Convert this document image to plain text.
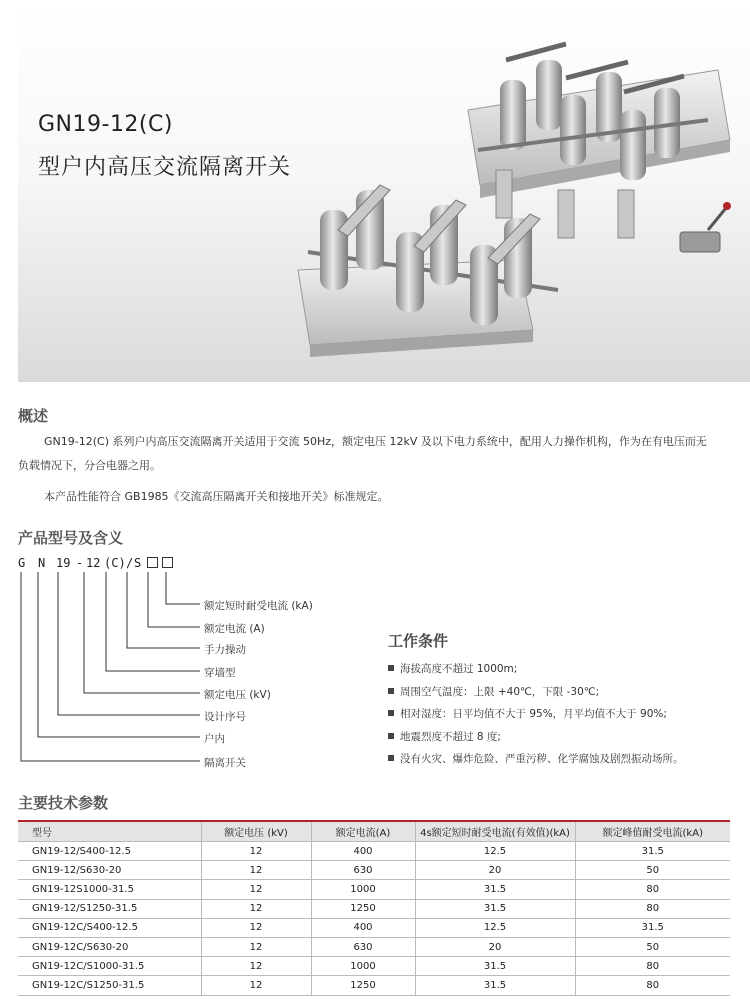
GN19-12(C)
型户内高压交流隔离开关
概述
GN19-12(C) 系列户内高压交流隔离开关适用于交流 50Hz，额定电压 12kV 及以下电力系统中，配用人力操作机构，作为在有电压而无
负载情况下，分合电器之用。
本产品性能符合 GB1985《交流高压隔离开关和接地开关》标准规定。
产品型号及含义
G N 19 - 12 (C)/S
额定短时耐受电流 (kA)
额定电流 (A)
手力操动
穿墙型
额定电压 (kV)
设计序号
户内
隔离开关
工作条件
海拔高度不超过 1000m;
周围空气温度：上限 +40℃，下限 -30℃;
相对湿度：日平均值不大于 95%，月平均值不大于 90%;
地震烈度不超过 8 度;
没有火灾、爆炸危险、严重污秽、化学腐蚀及剧烈振动场所。
主要技术参数
型号	额定电压 (kV)	额定电流(A)	4s额定短时耐受电流(有效值)(kA)	额定峰值耐受电流(kA)
GN19-12/S400-12.5	12	400	12.5	31.5
GN19-12/S630-20	12	630	20	50
GN19-12S1000-31.5	12	1000	31.5	80
GN19-12/S1250-31.5	12	1250	31.5	80
GN19-12C/S400-12.5	12	400	12.5	31.5
GN19-12C/S630-20	12	630	20	50
GN19-12C/S1000-31.5	12	1000	31.5	80
GN19-12C/S1250-31.5	12	1250	31.5	80
